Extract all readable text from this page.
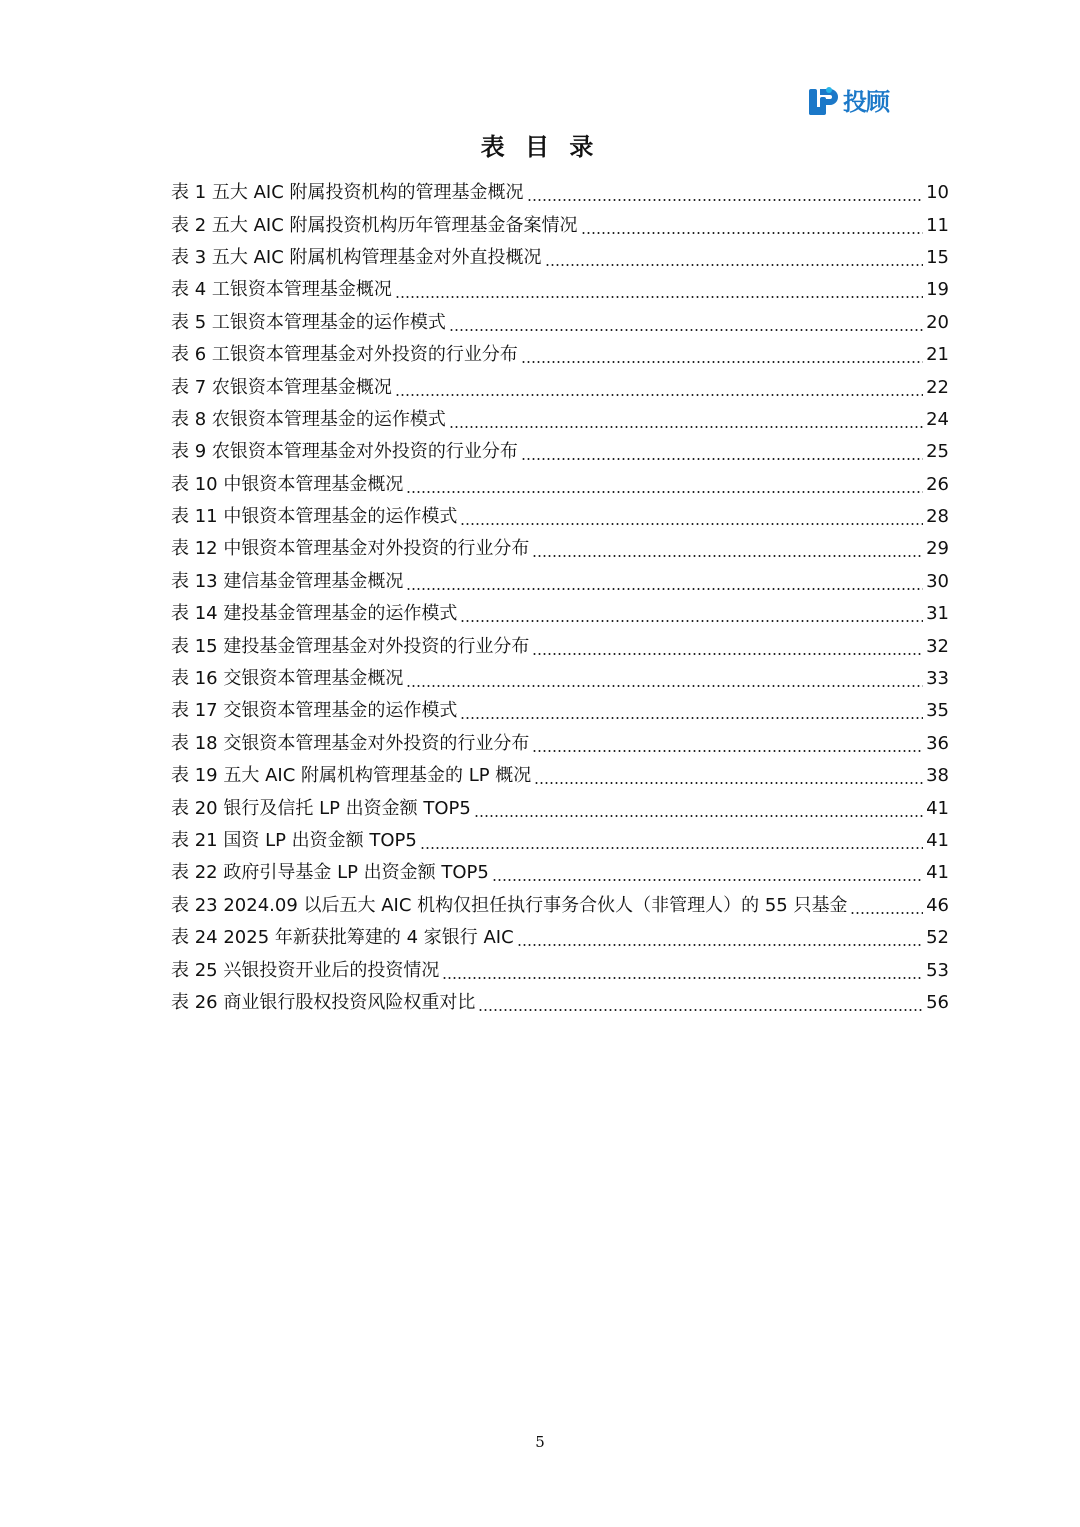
投顾
表 目 录
表 1 五大 AIC 附属投资机构的管理基金概况	10
表 2 五大 AIC 附属投资机构历年管理基金备案情况	11
表 3 五大 AIC 附属机构管理基金对外直投概况	15
表 4 工银资本管理基金概况	19
表 5 工银资本管理基金的运作模式	20
表 6 工银资本管理基金对外投资的行业分布	21
表 7 农银资本管理基金概况	22
表 8 农银资本管理基金的运作模式	24
表 9 农银资本管理基金对外投资的行业分布	25
表 10 中银资本管理基金概况	26
表 11 中银资本管理基金的运作模式	28
表 12 中银资本管理基金对外投资的行业分布	29
表 13 建信基金管理基金概况	30
表 14 建投基金管理基金的运作模式	31
表 15 建投基金管理基金对外投资的行业分布	32
表 16 交银资本管理基金概况	33
表 17 交银资本管理基金的运作模式	35
表 18 交银资本管理基金对外投资的行业分布	36
表 19 五大 AIC 附属机构管理基金的 LP 概况	38
表 20 银行及信托 LP 出资金额 TOP5	41
表 21 国资 LP 出资金额 TOP5	41
表 22 政府引导基金 LP 出资金额 TOP5	41
表 23 2024.09 以后五大 AIC 机构仅担任执行事务合伙人（非管理人）的 55 只基金	46
表 24 2025 年新获批筹建的 4 家银行 AIC	52
表 25 兴银投资开业后的投资情况	53
表 26 商业银行股权投资风险权重对比	56
5
